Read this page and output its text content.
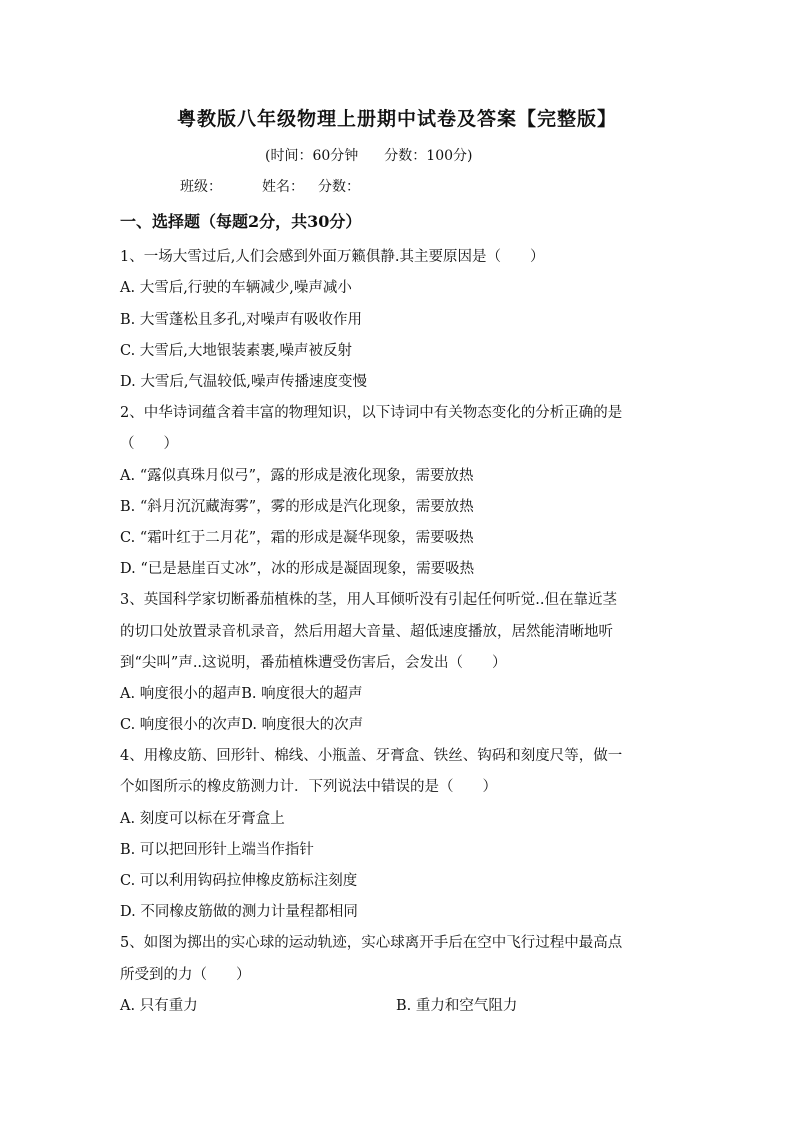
粤教版八年级物理上册期中试卷及答案【完整版】
(时间：60分钟 分数：100分)
班级：	姓名： 分数：
一、选择题（每题2分，共30分）
1、一场大雪过后,人们会感到外面万籁俱静.其主要原因是（　　）
A. 大雪后,行驶的车辆减少,噪声减小
B. 大雪蓬松且多孔,对噪声有吸收作用
C. 大雪后,大地银装素裹,噪声被反射
D. 大雪后,气温较低,噪声传播速度变慢
2、中华诗词蕴含着丰富的物理知识，以下诗词中有关物态变化的分析正确的是
（　　）
A. “露似真珠月似弓”，露的形成是液化现象，需要放热
B. “斜月沉沉藏海雾”，雾的形成是汽化现象，需要放热
C. “霜叶红于二月花”，霜的形成是凝华现象，需要吸热
D. “已是悬崖百丈冰”，冰的形成是凝固现象，需要吸热
3、英国科学家切断番茄植株的茎，用人耳倾听没有引起任何听觉..但在靠近茎
的切口处放置录音机录音，然后用超大音量、超低速度播放，居然能清晰地听
到“尖叫”声..这说明，番茄植株遭受伤害后，会发出（　　）
A. 响度很小的超声B. 响度很大的超声
C. 响度很小的次声D. 响度很大的次声
4、用橡皮筋、回形针、棉线、小瓶盖、牙膏盒、铁丝、钩码和刻度尺等，做一
个如图所示的橡皮筋测力计．下列说法中错误的是（　　）
A. 刻度可以标在牙膏盒上
B. 可以把回形针上端当作指针
C. 可以利用钩码拉伸橡皮筋标注刻度
D. 不同橡皮筋做的测力计量程都相同
5、如图为掷出的实心球的运动轨迹，实心球离开手后在空中飞行过程中最高点
所受到的力（　　）
A. 只有重力	B. 重力和空气阻力
